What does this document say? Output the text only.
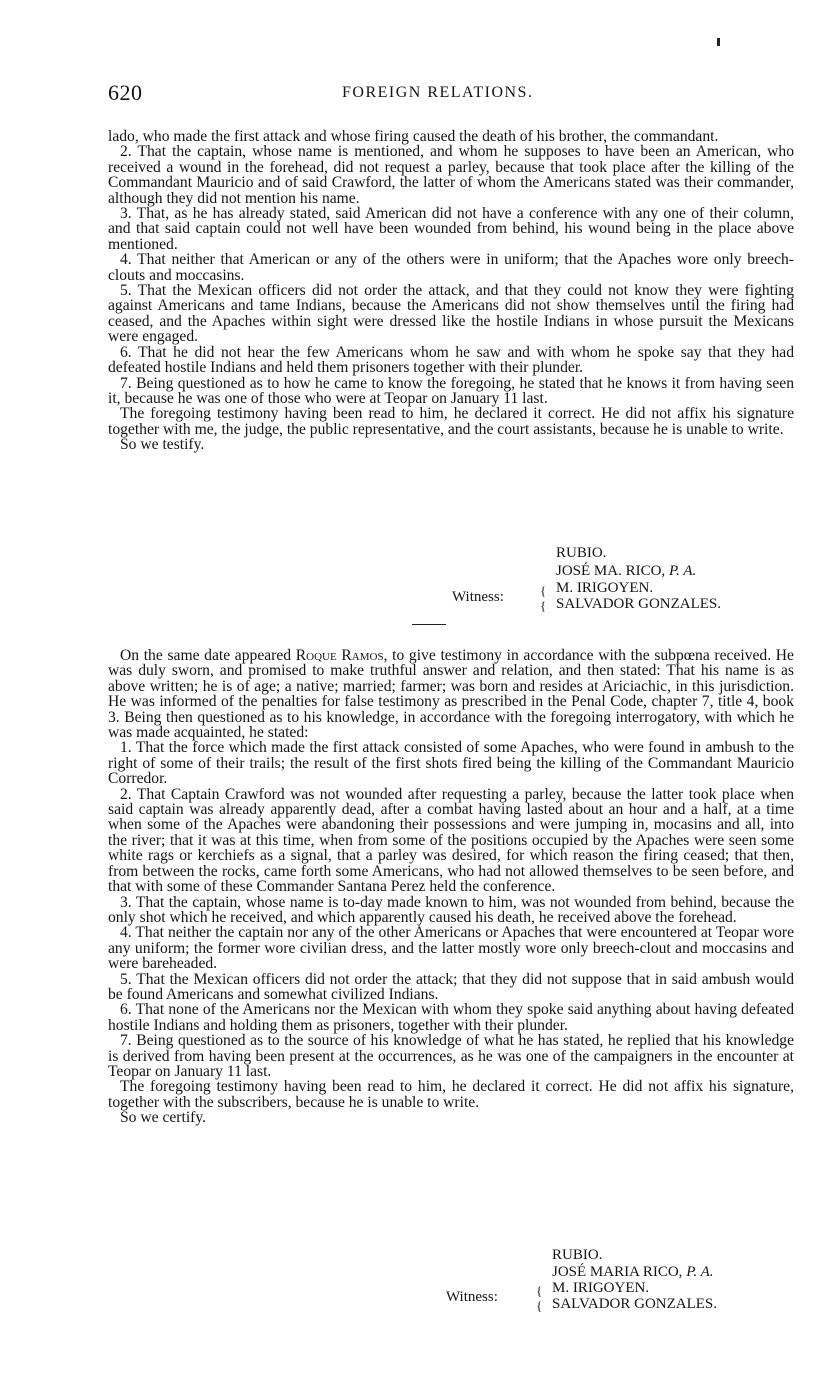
620	FOREIGN RELATIONS.

lado, who made the first attack and whose firing caused the death of his brother, the commandant.

2. That the captain, whose name is mentioned, and whom he supposes to have been an American, who received a wound in the forehead, did not request a parley, because that took place after the killing of the Commandant Mauricio and of said Crawford, the latter of whom the Americans stated was their commander, although they did not mention his name.

3. That, as he has already stated, said American did not have a conference with any one of their column, and that said captain could not well have been wounded from behind, his wound being in the place above mentioned.

4. That neither that American or any of the others were in uniform; that the Apaches wore only breech-clouts and moccasins.

5. That the Mexican officers did not order the attack, and that they could not know they were fighting against Americans and tame Indians, because the Americans did not show themselves until the firing had ceased, and the Apaches within sight were dressed like the hostile Indians in whose pursuit the Mexicans were engaged.

6. That he did not hear the few Americans whom he saw and with whom he spoke say that they had defeated hostile Indians and held them prisoners together with their plunder.

7. Being questioned as to how he came to know the foregoing, he stated that he knows it from having seen it, because he was one of those who were at Teopar on January 11 last.

The foregoing testimony having been read to him, he declared it correct. He did not affix his signature together with me, the judge, the public representative, and the court assistants, because he is unable to write.

So we testify.

RUBIO.
JOSÉ MA. RICO, P. A.
Witness:	{
{
M. IRIGOYEN.
SALVADOR GONZALES.

On the same date appeared Roque Ramos, to give testimony in accordance with the subpœna received. He was duly sworn, and promised to make truthful answer and relation, and then stated: That his name is as above written; he is of age; a native; married; farmer; was born and resides at Ariciachic, in this jurisdiction. He was informed of the penalties for false testimony as prescribed in the Penal Code, chapter 7, title 4, book 3. Being then questioned as to his knowledge, in accordance with the foregoing interrogatory, with which he was made acquainted, he stated:

1. That the force which made the first attack consisted of some Apaches, who were found in ambush to the right of some of their trails; the result of the first shots fired being the killing of the Commandant Mauricio Corredor.

2. That Captain Crawford was not wounded after requesting a parley, because the latter took place when said captain was already apparently dead, after a combat having lasted about an hour and a half, at a time when some of the Apaches were abandoning their possessions and were jumping in, mocasins and all, into the river; that it was at this time, when from some of the positions occupied by the Apaches were seen some white rags or kerchiefs as a signal, that a parley was desired, for which reason the firing ceased; that then, from between the rocks, came forth some Americans, who had not allowed themselves to be seen before, and that with some of these Commander Santana Perez held the conference.

3. That the captain, whose name is to-day made known to him, was not wounded from behind, because the only shot which he received, and which apparently caused his death, he received above the forehead.

4. That neither the captain nor any of the other Americans or Apaches that were encountered at Teopar wore any uniform; the former wore civilian dress, and the latter mostly wore only breech-clout and moccasins and were bareheaded.

5. That the Mexican officers did not order the attack; that they did not suppose that in said ambush would be found Americans and somewhat civilized Indians.

6. That none of the Americans nor the Mexican with whom they spoke said anything about having defeated hostile Indians and holding them as prisoners, together with their plunder.

7. Being questioned as to the source of his knowledge of what he has stated, he replied that his knowledge is derived from having been present at the occurrences, as he was one of the campaigners in the encounter at Teopar on January 11 last.

The foregoing testimony having been read to him, he declared it correct. He did not affix his signature, together with the subscribers, because he is unable to write.

So we certify.

RUBIO.
JOSÉ MARIA RICO, P. A.
Witness:	{
{
M. IRIGOYEN.
SALVADOR GONZALES.
